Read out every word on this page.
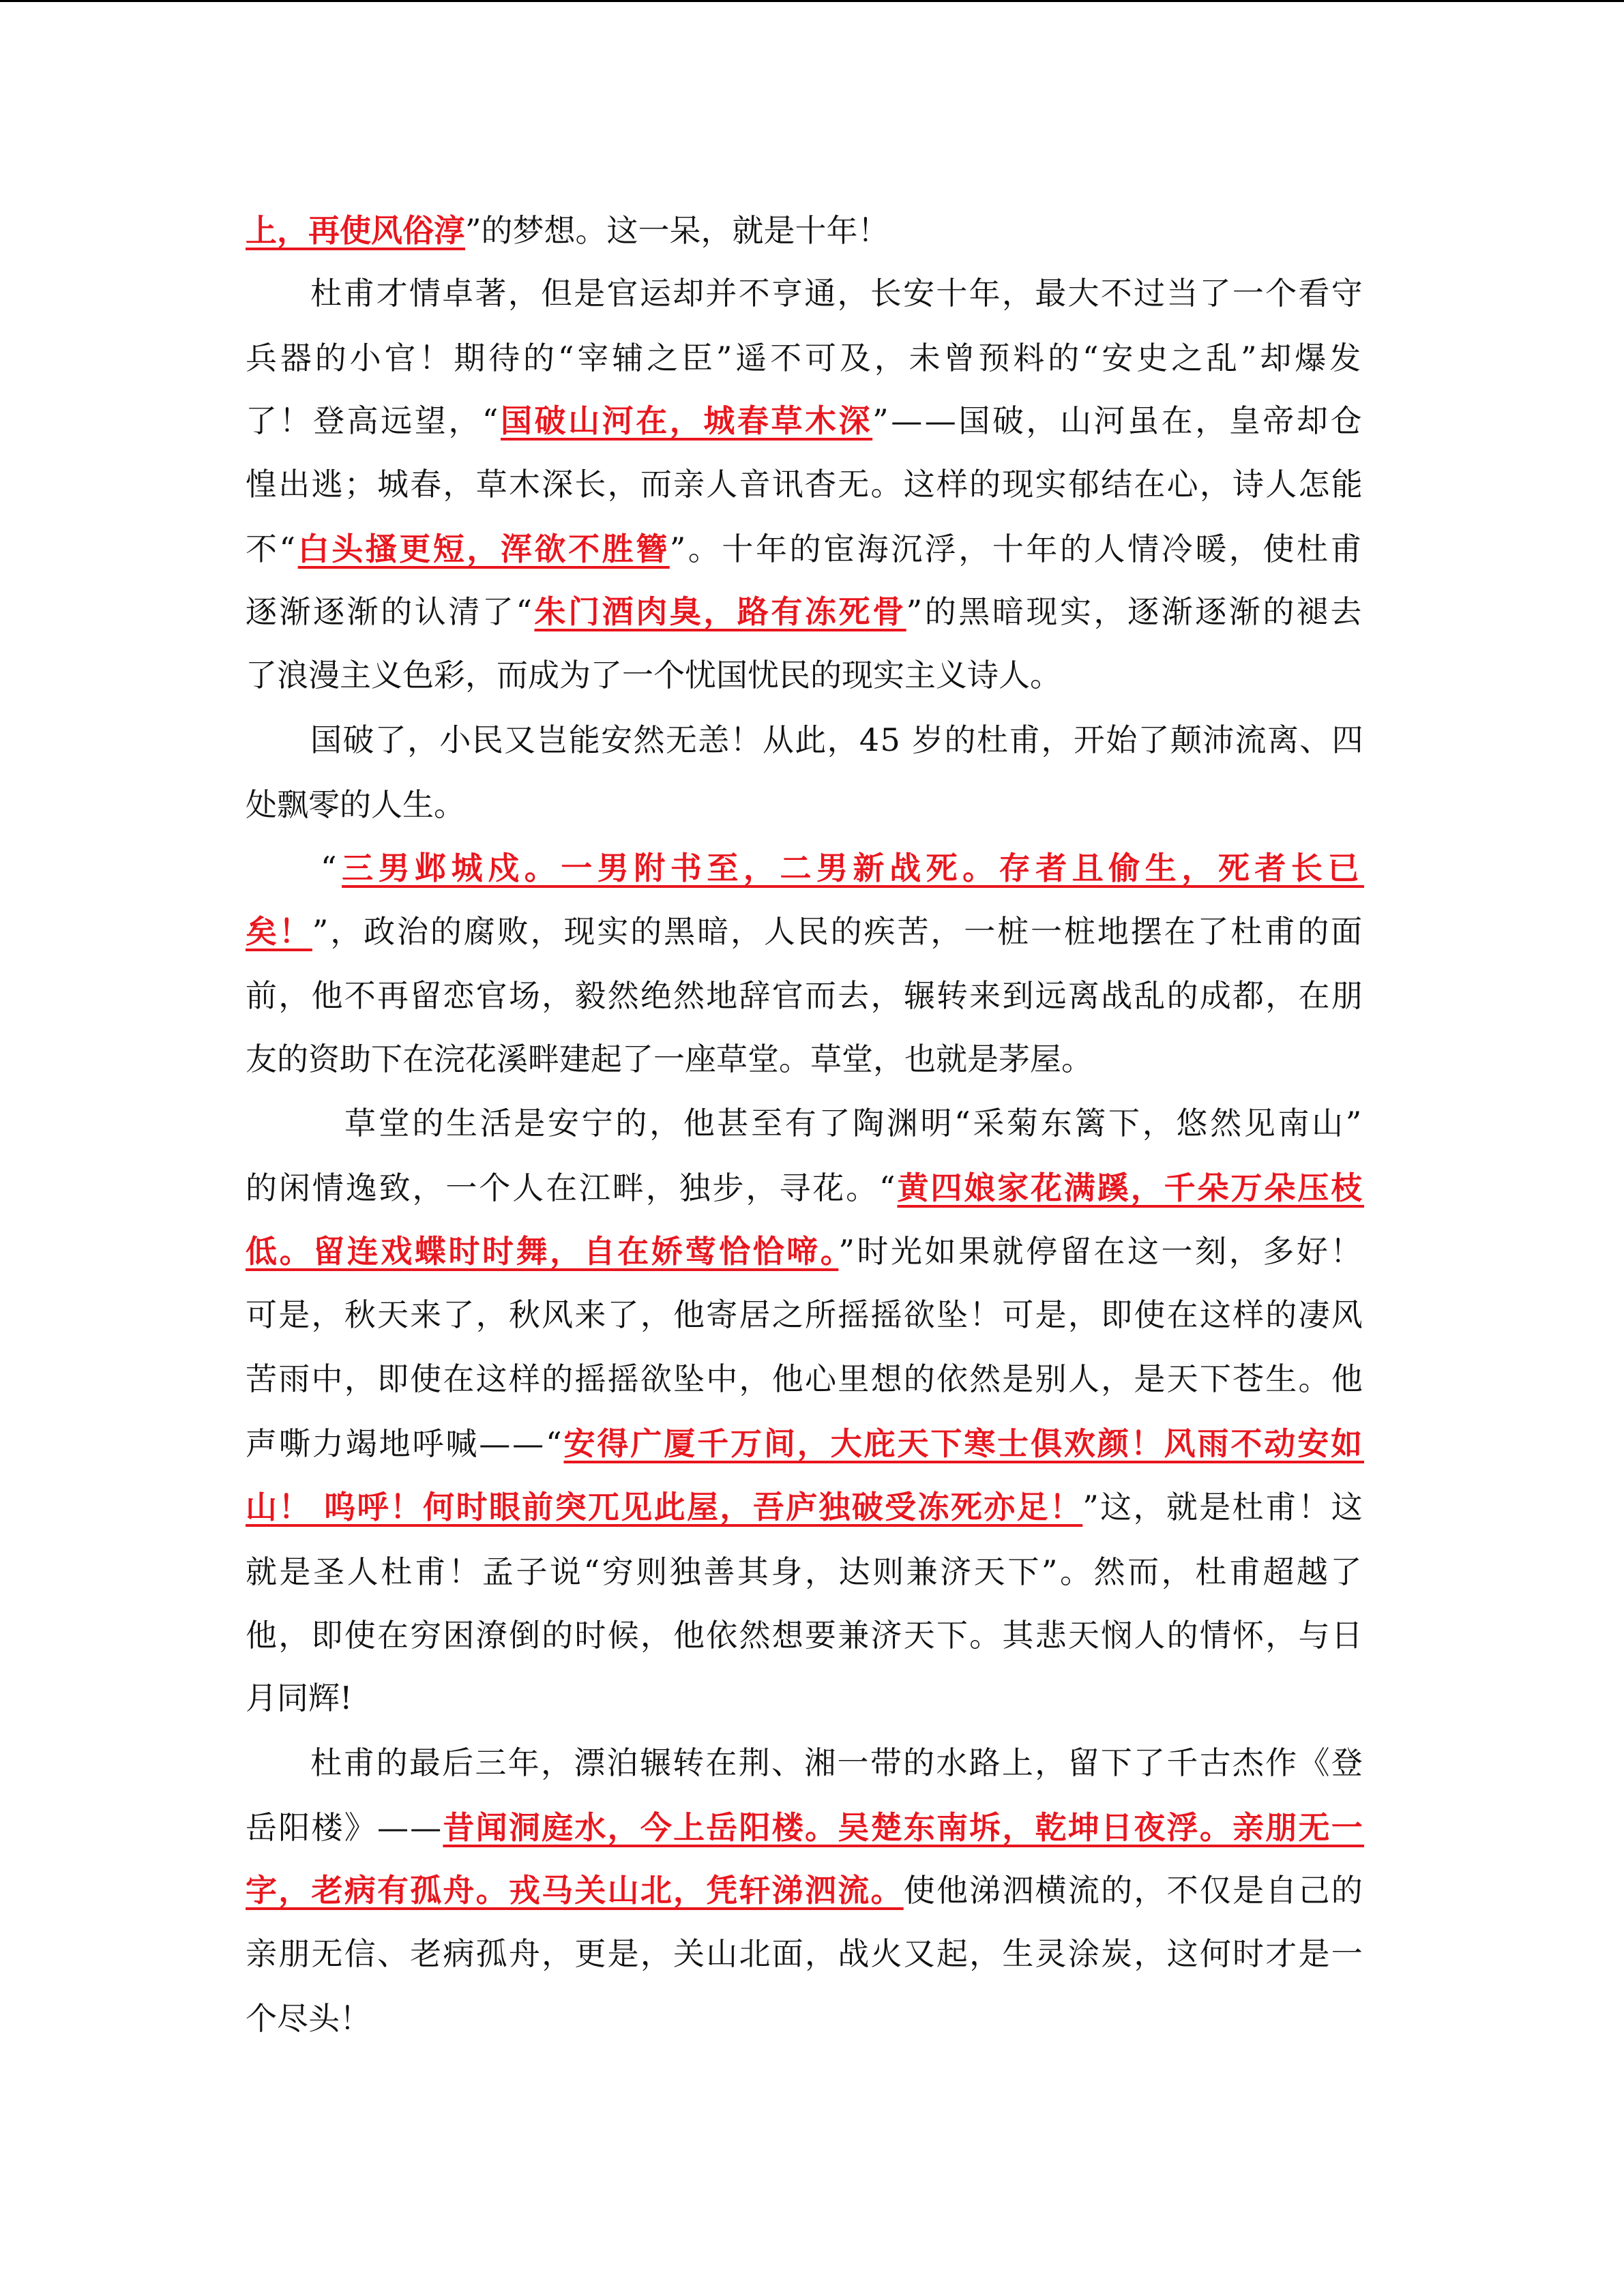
上，再使风俗淳”的梦想。这一呆，就是十年！
杜甫才情卓著，但是官运却并不亨通，长安十年，最大不过当了一个看守
兵器的小官！期待的“宰辅之臣”遥不可及，未曾预料的“安史之乱”却爆发
了！登高远望，“国破山河在，城春草木深”——国破，山河虽在，皇帝却仓
惶出逃；城春，草木深长，而亲人音讯杳无。这样的现实郁结在心，诗人怎能
不“白头搔更短，浑欲不胜簪”。十年的宦海沉浮，十年的人情冷暖，使杜甫
逐渐逐渐的认清了“朱门酒肉臭，路有冻死骨”的黑暗现实，逐渐逐渐的褪去
了浪漫主义色彩，而成为了一个忧国忧民的现实主义诗人。
国破了，小民又岂能安然无恙！从此，45 岁的杜甫，开始了颠沛流离、四
处飘零的人生。
“三男邺城戍。一男附书至，二男新战死。存者且偷生，死者长已
矣！”，政治的腐败，现实的黑暗，人民的疾苦，一桩一桩地摆在了杜甫的面
前，他不再留恋官场，毅然绝然地辞官而去，辗转来到远离战乱的成都，在朋
友的资助下在浣花溪畔建起了一座草堂。草堂，也就是茅屋。
草堂的生活是安宁的，他甚至有了陶渊明“采菊东篱下，悠然见南山”
的闲情逸致，一个人在江畔，独步，寻花。“黄四娘家花满蹊，千朵万朵压枝
低。留连戏蝶时时舞，自在娇莺恰恰啼。”时光如果就停留在这一刻，多好！
可是，秋天来了，秋风来了，他寄居之所摇摇欲坠！可是，即使在这样的凄风
苦雨中，即使在这样的摇摇欲坠中，他心里想的依然是别人，是天下苍生。他
声嘶力竭地呼喊——“安得广厦千万间，大庇天下寒士俱欢颜！风雨不动安如
山！ 呜呼！何时眼前突兀见此屋，吾庐独破受冻死亦足！”这，就是杜甫！这
就是圣人杜甫！孟子说“穷则独善其身，达则兼济天下”。然而，杜甫超越了
他，即使在穷困潦倒的时候，他依然想要兼济天下。其悲天悯人的情怀，与日
月同辉!
杜甫的最后三年，漂泊辗转在荆、湘一带的水路上，留下了千古杰作《登
岳阳楼》——昔闻洞庭水，今上岳阳楼。吴楚东南坼，乾坤日夜浮。亲朋无一
字，老病有孤舟。戎马关山北，凭轩涕泗流。使他涕泗横流的，不仅是自己的
亲朋无信、老病孤舟，更是，关山北面，战火又起，生灵涂炭，这何时才是一
个尽头！
